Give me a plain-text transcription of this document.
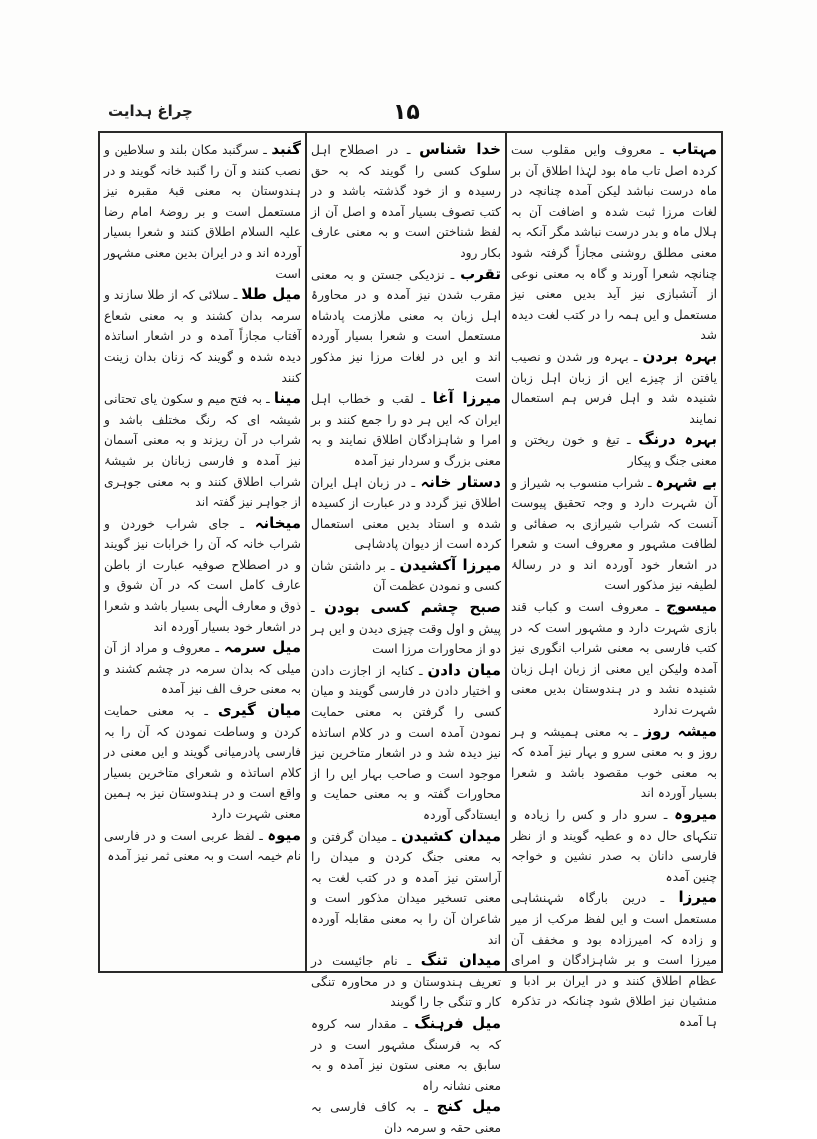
چراغ ہدایت	۱۵

مہتاب ـ معروف وایں مقلوب ست کردہ اصل تاب ماہ بود لہٰذا اطلاق آن بر ماہ درست نباشد لیکن آمدہ چنانچہ در لغات مرزا ثبت شدہ و اضافت آن بہ ہلال ماہ و بدر درست نباشد مگر آنکہ بہ معنی مطلق روشنی مجازاً گرفتہ شود چنانچہ شعرا آورند و گاہ بہ معنی نوعی از آتشبازی نیز آید بدیں معنی نیز مستعمل و ایں ہمہ را در کتب لغت دیدہ شد

بہرہ بردن ـ بہرہ ور شدن و نصیب یافتن از چیزے ایں از زبان اہل زبان شنیدہ شد و اہل فرس ہم استعمال نمایند

بہرہ درنگ ـ تیغ و خون ریختن و معنی جنگ و پیکار

بے شہرہ ـ شراب منسوب بہ شیراز و آن شہرت دارد و وجہ تحقیق پیوست آنست کہ شراب شیرازی بہ صفائی و لطافت مشہور و معروف است و شعرا در اشعار خود آوردہ اند و در رسالۂ لطیفہ نیز مذکور است

میسوج ـ معروف است و کباب قند بازی شہرت دارد و مشہور است کہ در کتب فارسی بہ معنی شراب انگوری نیز آمدہ ولیکن ایں معنی از زبان اہل زبان شنیدہ نشد و در ہندوستان بدیں معنی شہرت ندارد

میشہ روز ـ بہ معنی ہمیشہ و ہر روز و بہ معنی سرو و بہار نیز آمدہ کہ بہ معنی خوب مقصود باشد و شعرا بسیار آوردہ اند

میروہ ـ سرو دار و کس را زیادہ و تنکہای حال دہ و عطیہ گویند و از نظر فارسی دانان بہ صدر نشین و خواجہ چنین آمدہ

میرزا ـ درین بارگاہ شہنشاہی مستعمل است و ایں لفظ مرکب از میر و زادہ کہ امیرزادہ بود و مخفف آن میرزا است و بر شاہزادگان و امرای عظام اطلاق کنند و در ایران بر ادبا و منشیان نیز اطلاق شود چنانکہ در تذکرہ ہا آمدہ

خدا شناس ـ در اصطلاح اہل سلوک کسی را گویند کہ بہ حق رسیدہ و از خود گذشتہ باشد و در کتب تصوف بسیار آمدہ و اصل آن از لفظ شناختن است و بہ معنی عارف بکار رود

تقرب ـ نزدیکی جستن و بہ معنی مقرب شدن نیز آمدہ و در محاورۂ اہل زبان بہ معنی ملازمت پادشاہ مستعمل است و شعرا بسیار آوردہ اند و ایں در لغات مرزا نیز مذکور است

میرزا آغا ـ لقب و خطاب اہل ایران کہ ایں ہر دو را جمع کنند و بر امرا و شاہزادگان اطلاق نمایند و بہ معنی بزرگ و سردار نیز آمدہ

دستار خانہ ـ در زبان اہل ایران اطلاق نیز گردد و در عبارت از کسیدہ شدہ و استاد بدیں معنی استعمال کردہ است از دیوان پادشاہی

میرزا آکشیدن ـ بر داشتن شان کسی و نمودن عظمت آن

صبح چشم کسی بودن ـ پیش و اول وقت چیزی دیدن و ایں ہر دو از محاورات مرزا است

میان دادن ـ کنایہ از اجازت دادن و اختیار دادن در فارسی گویند و میان کسی را گرفتن بہ معنی حمایت نمودن آمدہ است و در کلام اساتذہ نیز دیدہ شد و در اشعار متاخرین نیز موجود است و صاحب بہار ایں را از محاورات گفتہ و بہ معنی حمایت و ایستادگی آوردہ

میدان کشیدن ـ میدان گرفتن و بہ معنی جنگ کردن و میدان را آراستن نیز آمدہ و در کتب لغت بہ معنی تسخیر میدان مذکور است و شاعران آن را بہ معنی مقابلہ آوردہ اند

میدان تنگ ـ نام جائیست در تعریف ہندوستان و در محاورہ تنگی کار و تنگی جا را گویند

میل فرہنگ ـ مقدار سہ کروہ کہ بہ فرسنگ مشہور است و در سابق بہ معنی ستون نیز آمدہ و بہ معنی نشانہ راہ

میل کنج ـ بہ کاف فارسی بہ معنی حقہ و سرمہ دان

گنبد ـ سرگنبد مکان بلند و سلاطین و نصب کنند و آن را گنبد خانہ گویند و در ہندوستان بہ معنی قبۂ مقبرہ نیز مستعمل است و بر روضۂ امام رضا علیہ السلام اطلاق کنند و شعرا بسیار آوردہ اند و در ایران بدین معنی مشہور است

میل طلا ـ سلائی کہ از طلا سازند و سرمہ بدان کشند و بہ معنی شعاع آفتاب مجازاً آمدہ و در اشعار اساتذہ دیدہ شدہ و گویند کہ زنان بدان زینت کنند

مینا ـ بہ فتح میم و سکون یای تحتانی شیشہ ای کہ رنگ مختلف باشد و شراب در آن ریزند و بہ معنی آسمان نیز آمدہ و فارسی زبانان بر شیشۂ شراب اطلاق کنند و بہ معنی جوہری از جواہر نیز گفتہ اند

میخانہ ـ جای شراب خوردن و شراب خانہ کہ آن را خرابات نیز گویند و در اصطلاح صوفیہ عبارت از باطن عارف کامل است کہ در آن شوق و ذوق و معارف الٰہی بسیار باشد و شعرا در اشعار خود بسیار آوردہ اند

میل سرمہ ـ معروف و مراد از آن میلی کہ بدان سرمہ در چشم کشند و بہ معنی حرف الف نیز آمدہ

میان گیری ـ بہ معنی حمایت کردن و وساطت نمودن کہ آن را بہ فارسی پادرمیانی گویند و ایں معنی در کلام اساتذہ و شعرای متاخرین بسیار واقع است و در ہندوستان نیز بہ ہمین معنی شہرت دارد

میوہ ـ لفظ عربی است و در فارسی نام خیمہ است و بہ معنی ثمر نیز آمدہ
